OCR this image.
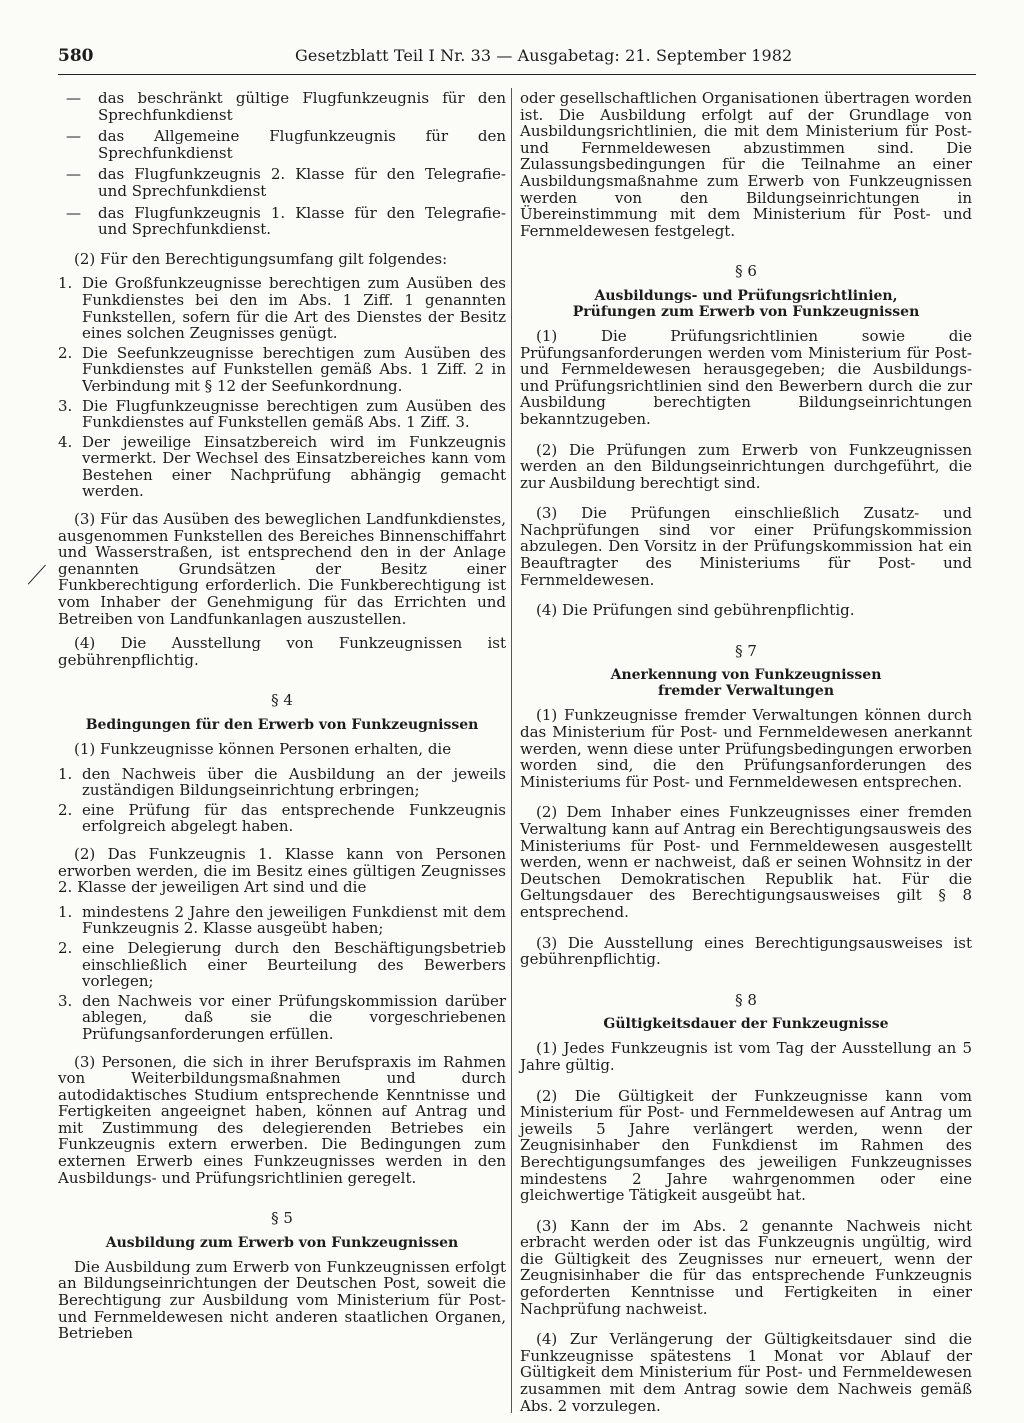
580	Gesetzblatt Teil I Nr. 33 — Ausgabetag: 21. September 1982
—	das beschränkt gültige Flugfunkzeugnis für den Sprechfunkdienst
—	das Allgemeine Flugfunkzeugnis für den Sprechfunkdienst
—	das Flugfunkzeugnis 2. Klasse für den Telegrafie- und Sprechfunkdienst
—	das Flugfunkzeugnis 1. Klasse für den Telegrafie- und Sprechfunkdienst.

(2) Für den Berechtigungsumfang gilt folgendes:

1. Die Großfunkzeugnisse berechtigen zum Ausüben des Funkdienstes bei den im Abs. 1 Ziff. 1 genannten Funkstellen, sofern für die Art des Dienstes der Besitz eines solchen Zeugnisses genügt.
2. Die Seefunkzeugnisse berechtigen zum Ausüben des Funkdienstes auf Funkstellen gemäß Abs. 1 Ziff. 2 in Verbindung mit § 12 der Seefunkordnung.
3. Die Flugfunkzeugnisse berechtigen zum Ausüben des Funkdienstes auf Funkstellen gemäß Abs. 1 Ziff. 3.
4. Der jeweilige Einsatzbereich wird im Funkzeugnis vermerkt. Der Wechsel des Einsatzbereiches kann vom Bestehen einer Nachprüfung abhängig gemacht werden.

(3) Für das Ausüben des beweglichen Landfunkdienstes, ausgenommen Funkstellen des Bereiches Binnenschiffahrt und Wasserstraßen, ist entsprechend den in der Anlage genannten Grundsätzen der Besitz einer Funkberechtigung erforderlich. Die Funkberechtigung ist vom Inhaber der Genehmigung für das Errichten und Betreiben von Landfunkanlagen auszustellen.

(4) Die Ausstellung von Funkzeugnissen ist gebührenpflichtig.

§ 4
Bedingungen für den Erwerb von Funkzeugnissen

(1) Funkzeugnisse können Personen erhalten, die

1. den Nachweis über die Ausbildung an der jeweils zuständigen Bildungseinrichtung erbringen;
2. eine Prüfung für das entsprechende Funkzeugnis erfolgreich abgelegt haben.

(2) Das Funkzeugnis 1. Klasse kann von Personen erworben werden, die im Besitz eines gültigen Zeugnisses 2. Klasse der jeweiligen Art sind und die

1. mindestens 2 Jahre den jeweiligen Funkdienst mit dem Funkzeugnis 2. Klasse ausgeübt haben;
2. eine Delegierung durch den Beschäftigungsbetrieb einschließlich einer Beurteilung des Bewerbers vorlegen;
3. den Nachweis vor einer Prüfungskommission darüber ablegen, daß sie die vorgeschriebenen Prüfungsanforderungen erfüllen.

(3) Personen, die sich in ihrer Berufspraxis im Rahmen von Weiterbildungsmaßnahmen und durch autodidaktisches Studium entsprechende Kenntnisse und Fertigkeiten angeeignet haben, können auf Antrag und mit Zustimmung des delegierenden Betriebes ein Funkzeugnis extern erwerben. Die Bedingungen zum externen Erwerb eines Funkzeugnisses werden in den Ausbildungs- und Prüfungsrichtlinien geregelt.

§ 5
Ausbildung zum Erwerb von Funkzeugnissen

Die Ausbildung zum Erwerb von Funkzeugnissen erfolgt an Bildungseinrichtungen der Deutschen Post, soweit die Berechtigung zur Ausbildung vom Ministerium für Post- und Fernmeldewesen nicht anderen staatlichen Organen, Betrieben

oder gesellschaftlichen Organisationen übertragen worden ist. Die Ausbildung erfolgt auf der Grundlage von Ausbildungsrichtlinien, die mit dem Ministerium für Post- und Fernmeldewesen abzustimmen sind. Die Zulassungsbedingungen für die Teilnahme an einer Ausbildungsmaßnahme zum Erwerb von Funkzeugnissen werden von den Bildungseinrichtungen in Übereinstimmung mit dem Ministerium für Post- und Fernmeldewesen festgelegt.

§ 6
Ausbildungs- und Prüfungsrichtlinien,
Prüfungen zum Erwerb von Funkzeugnissen

(1) Die Prüfungsrichtlinien sowie die Prüfungsanforderungen werden vom Ministerium für Post- und Fernmeldewesen herausgegeben; die Ausbildungs- und Prüfungsrichtlinien sind den Bewerbern durch die zur Ausbildung berechtigten Bildungseinrichtungen bekanntzugeben.

(2) Die Prüfungen zum Erwerb von Funkzeugnissen werden an den Bildungseinrichtungen durchgeführt, die zur Ausbildung berechtigt sind.

(3) Die Prüfungen einschließlich Zusatz- und Nachprüfungen sind vor einer Prüfungskommission abzulegen. Den Vorsitz in der Prüfungskommission hat ein Beauftragter des Ministeriums für Post- und Fernmeldewesen.

(4) Die Prüfungen sind gebührenpflichtig.

§ 7
Anerkennung von Funkzeugnissen
fremder Verwaltungen

(1) Funkzeugnisse fremder Verwaltungen können durch das Ministerium für Post- und Fernmeldewesen anerkannt werden, wenn diese unter Prüfungsbedingungen erworben worden sind, die den Prüfungsanforderungen des Ministeriums für Post- und Fernmeldewesen entsprechen.

(2) Dem Inhaber eines Funkzeugnisses einer fremden Verwaltung kann auf Antrag ein Berechtigungsausweis des Ministeriums für Post- und Fernmeldewesen ausgestellt werden, wenn er nachweist, daß er seinen Wohnsitz in der Deutschen Demokratischen Republik hat. Für die Geltungsdauer des Berechtigungsausweises gilt § 8 entsprechend.

(3) Die Ausstellung eines Berechtigungsausweises ist gebührenpflichtig.

§ 8
Gültigkeitsdauer der Funkzeugnisse

(1) Jedes Funkzeugnis ist vom Tag der Ausstellung an 5 Jahre gültig.

(2) Die Gültigkeit der Funkzeugnisse kann vom Ministerium für Post- und Fernmeldewesen auf Antrag um jeweils 5 Jahre verlängert werden, wenn der Zeugnisinhaber den Funkdienst im Rahmen des Berechtigungsumfanges des jeweiligen Funkzeugnisses mindestens 2 Jahre wahrgenommen oder eine gleichwertige Tätigkeit ausgeübt hat.

(3) Kann der im Abs. 2 genannte Nachweis nicht erbracht werden oder ist das Funkzeugnis ungültig, wird die Gültigkeit des Zeugnisses nur erneuert, wenn der Zeugnisinhaber die für das entsprechende Funkzeugnis geforderten Kenntnisse und Fertigkeiten in einer Nachprüfung nachweist.

(4) Zur Verlängerung der Gültigkeitsdauer sind die Funkzeugnisse spätestens 1 Monat vor Ablauf der Gültigkeit dem Ministerium für Post- und Fernmeldewesen zusammen mit dem Antrag sowie dem Nachweis gemäß Abs. 2 vorzulegen.
